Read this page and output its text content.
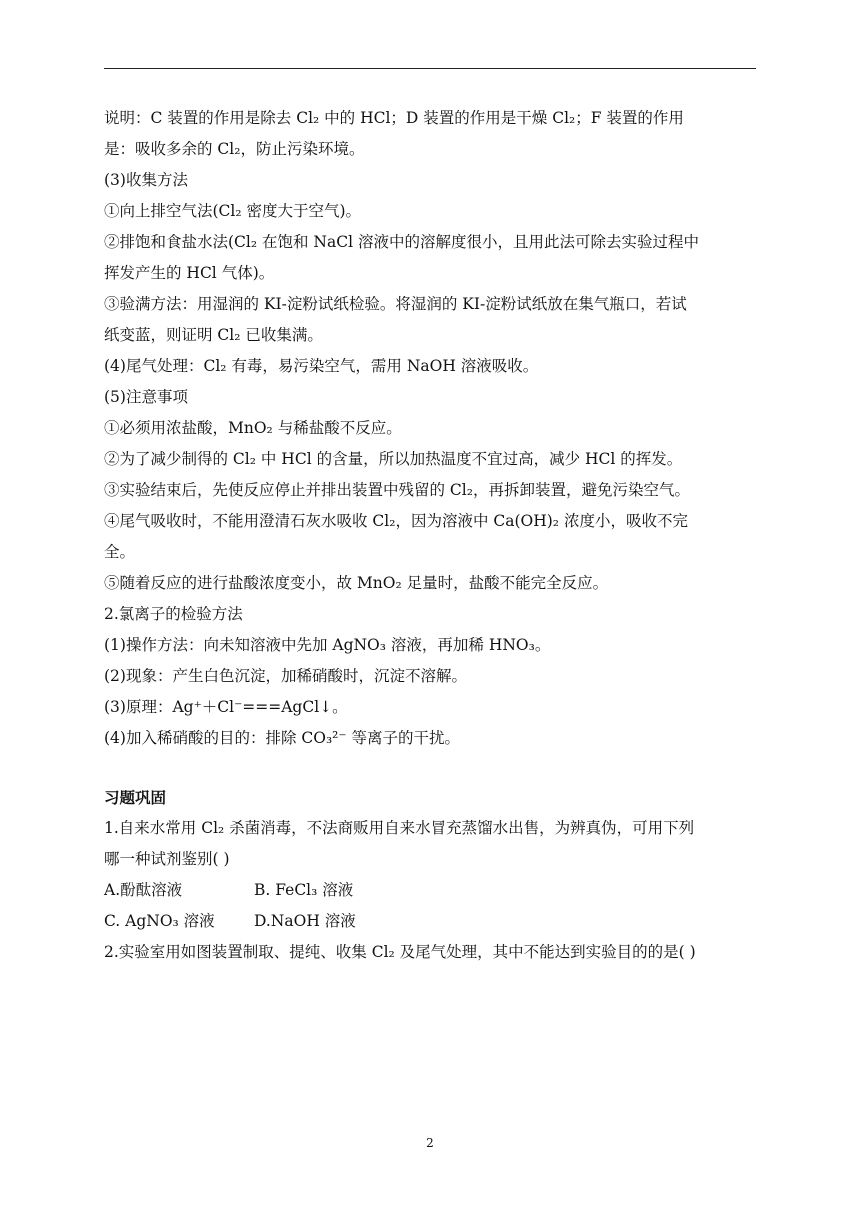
说明：C 装置的作用是除去 Cl₂ 中的 HCl；D 装置的作用是干燥 Cl₂；F 装置的作用
是：吸收多余的 Cl₂，防止污染环境。
(3)收集方法
①向上排空气法(Cl₂ 密度大于空气)。
②排饱和食盐水法(Cl₂ 在饱和 NaCl 溶液中的溶解度很小，且用此法可除去实验过程中
挥发产生的 HCl 气体)。
③验满方法：用湿润的 KI-淀粉试纸检验。将湿润的 KI-淀粉试纸放在集气瓶口，若试
纸变蓝，则证明 Cl₂ 已收集满。
(4)尾气处理：Cl₂ 有毒，易污染空气，需用 NaOH 溶液吸收。
(5)注意事项
①必须用浓盐酸，MnO₂ 与稀盐酸不反应。
②为了减少制得的 Cl₂ 中 HCl 的含量，所以加热温度不宜过高，减少 HCl 的挥发。
③实验结束后，先使反应停止并排出装置中残留的 Cl₂，再拆卸装置，避免污染空气。
④尾气吸收时，不能用澄清石灰水吸收 Cl₂，因为溶液中 Ca(OH)₂ 浓度小，吸收不完
全。
⑤随着反应的进行盐酸浓度变小，故 MnO₂ 足量时，盐酸不能完全反应。
2.氯离子的检验方法
(1)操作方法：向未知溶液中先加 AgNO₃ 溶液，再加稀 HNO₃。
(2)现象：产生白色沉淀，加稀硝酸时，沉淀不溶解。
(3)原理：Ag⁺＋Cl⁻===AgCl↓。
(4)加入稀硝酸的目的：排除 CO₃²⁻ 等离子的干扰。
习题巩固
1.自来水常用 Cl₂ 杀菌消毒，不法商贩用自来水冒充蒸馏水出售，为辨真伪，可用下列
哪一种试剂鉴别( )
A.酚酞溶液	B. FeCl₃ 溶液
C. AgNO₃ 溶液	D.NaOH 溶液
2.实验室用如图装置制取、提纯、收集 Cl₂ 及尾气处理，其中不能达到实验目的的是( )
2
